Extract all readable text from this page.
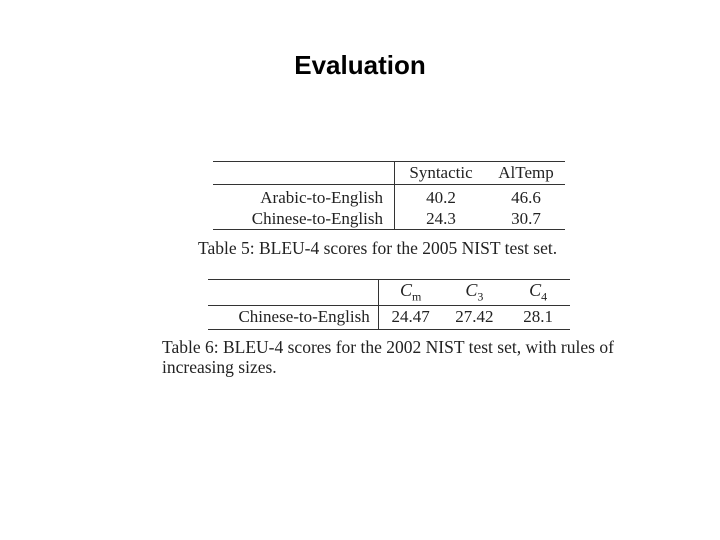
Evaluation
	Syntactic	AlTemp
Arabic-to-English	40.2	46.6
Chinese-to-English	24.3	30.7
Table 5: BLEU-4 scores for the 2005 NIST test set.
	$C_m$	$C_3$	$C_4$
Chinese-to-English	24.47	27.42	28.1
Table 6: BLEU-4 scores for the 2002 NIST test set, with rules of increasing sizes.
